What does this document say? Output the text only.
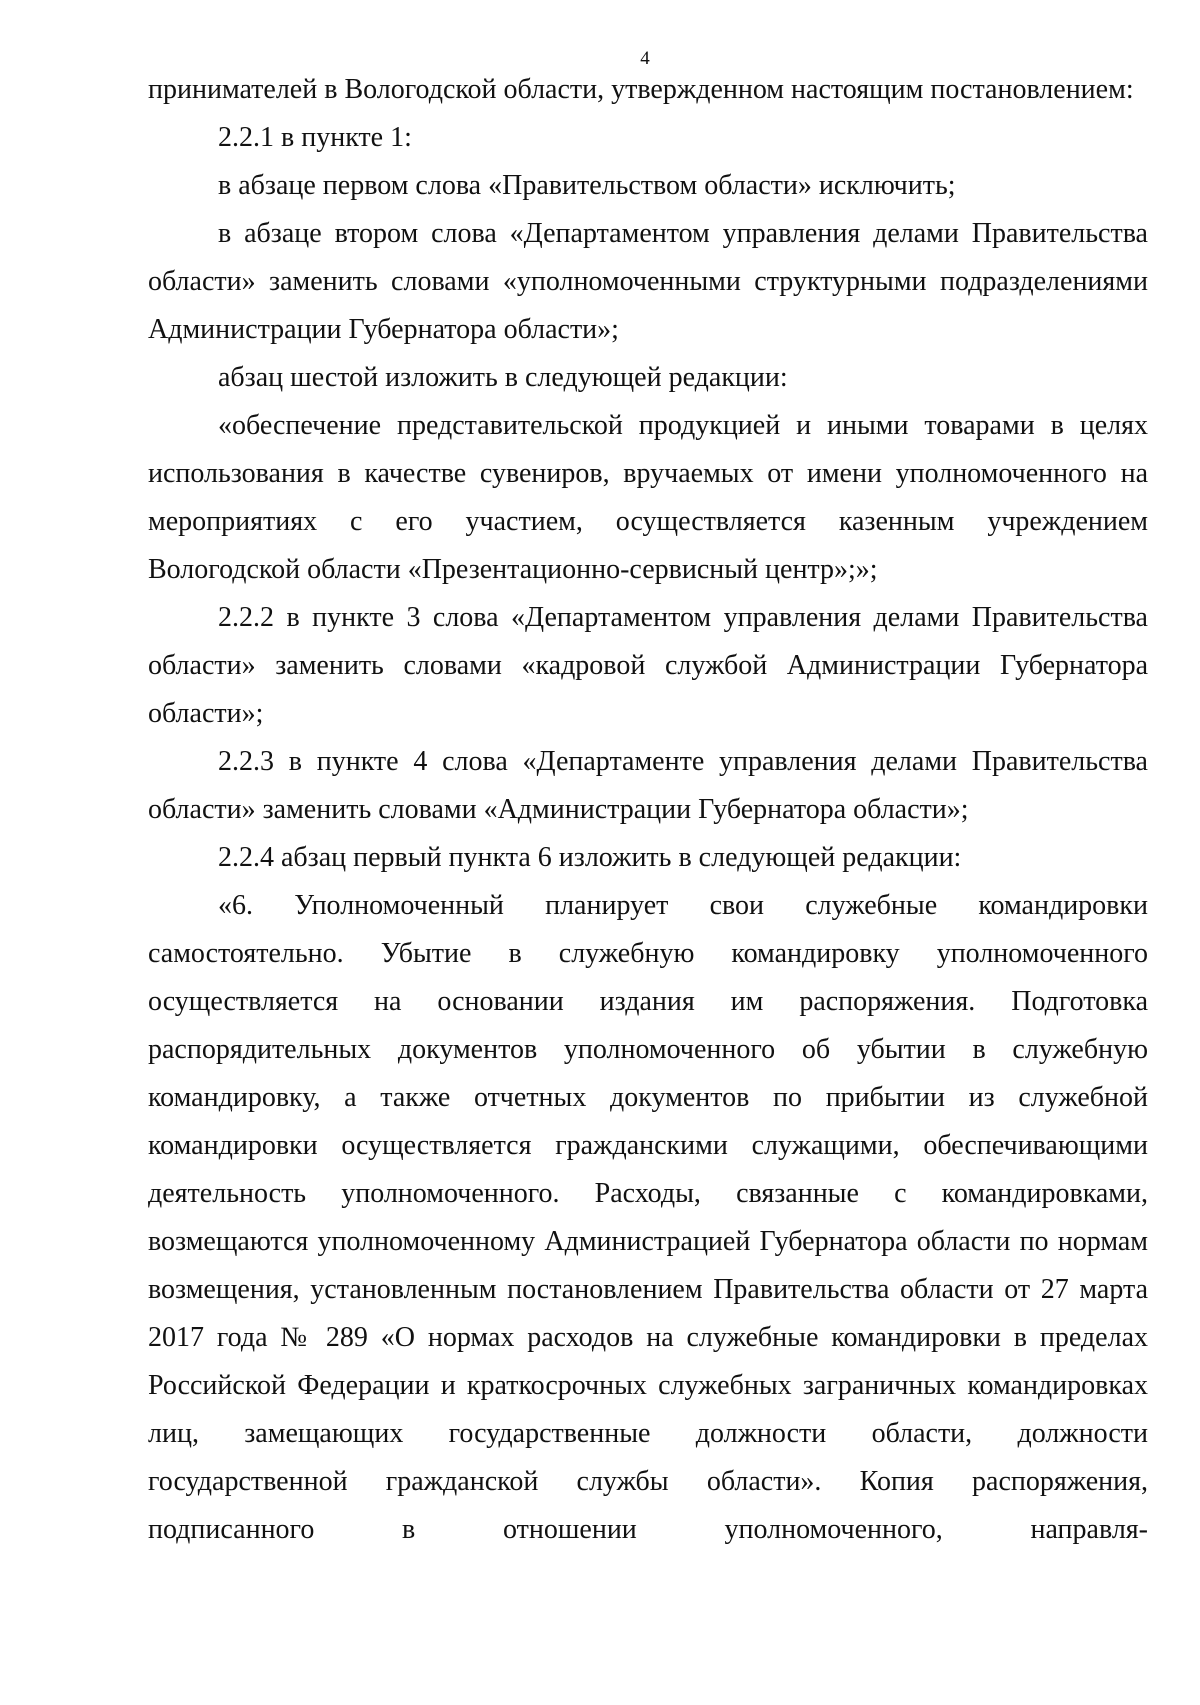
4

принимателей в Вологодской области, утвержденном настоящим постановлением:

2.2.1 в пункте 1:

в абзаце первом слова «Правительством области» исключить;

в абзаце втором слова «Департаментом управления делами Правительства области» заменить словами «уполномоченными структурными подразделениями Администрации Губернатора области»;

абзац шестой изложить в следующей редакции:

«обеспечение представительской продукцией и иными товарами в целях использования в качестве сувениров, вручаемых от имени уполномоченного на мероприятиях с его участием, осуществляется казенным учреждением Вологодской области «Презентационно-сервисный центр»;»;

2.2.2 в пункте 3 слова «Департаментом управления делами Правительства области» заменить словами «кадровой службой Администрации Губернатора области»;

2.2.3 в пункте 4 слова «Департаменте управления делами Правительства области» заменить словами «Администрации Губернатора области»;

2.2.4 абзац первый пункта 6 изложить в следующей редакции:

«6. Уполномоченный планирует свои служебные командировки самостоятельно. Убытие в служебную командировку уполномоченного осуществляется на основании издания им распоряжения. Подготовка распорядительных документов уполномоченного об убытии в служебную командировку, а также отчетных документов по прибытии из служебной командировки осуществляется гражданскими служащими, обеспечивающими деятельность уполномоченного. Расходы, связанные с командировками, возмещаются уполномоченному Администрацией Губернатора области по нормам возмещения, установленным постановлением Правительства области от 27 марта 2017 года № 289 «О нормах расходов на служебные командировки в пределах Российской Федерации и краткосрочных служебных заграничных командировках лиц, замещающих государственные должности области, должности государственной гражданской службы области». Копия распоряжения, подписанного в отношении уполномоченного, направля-
